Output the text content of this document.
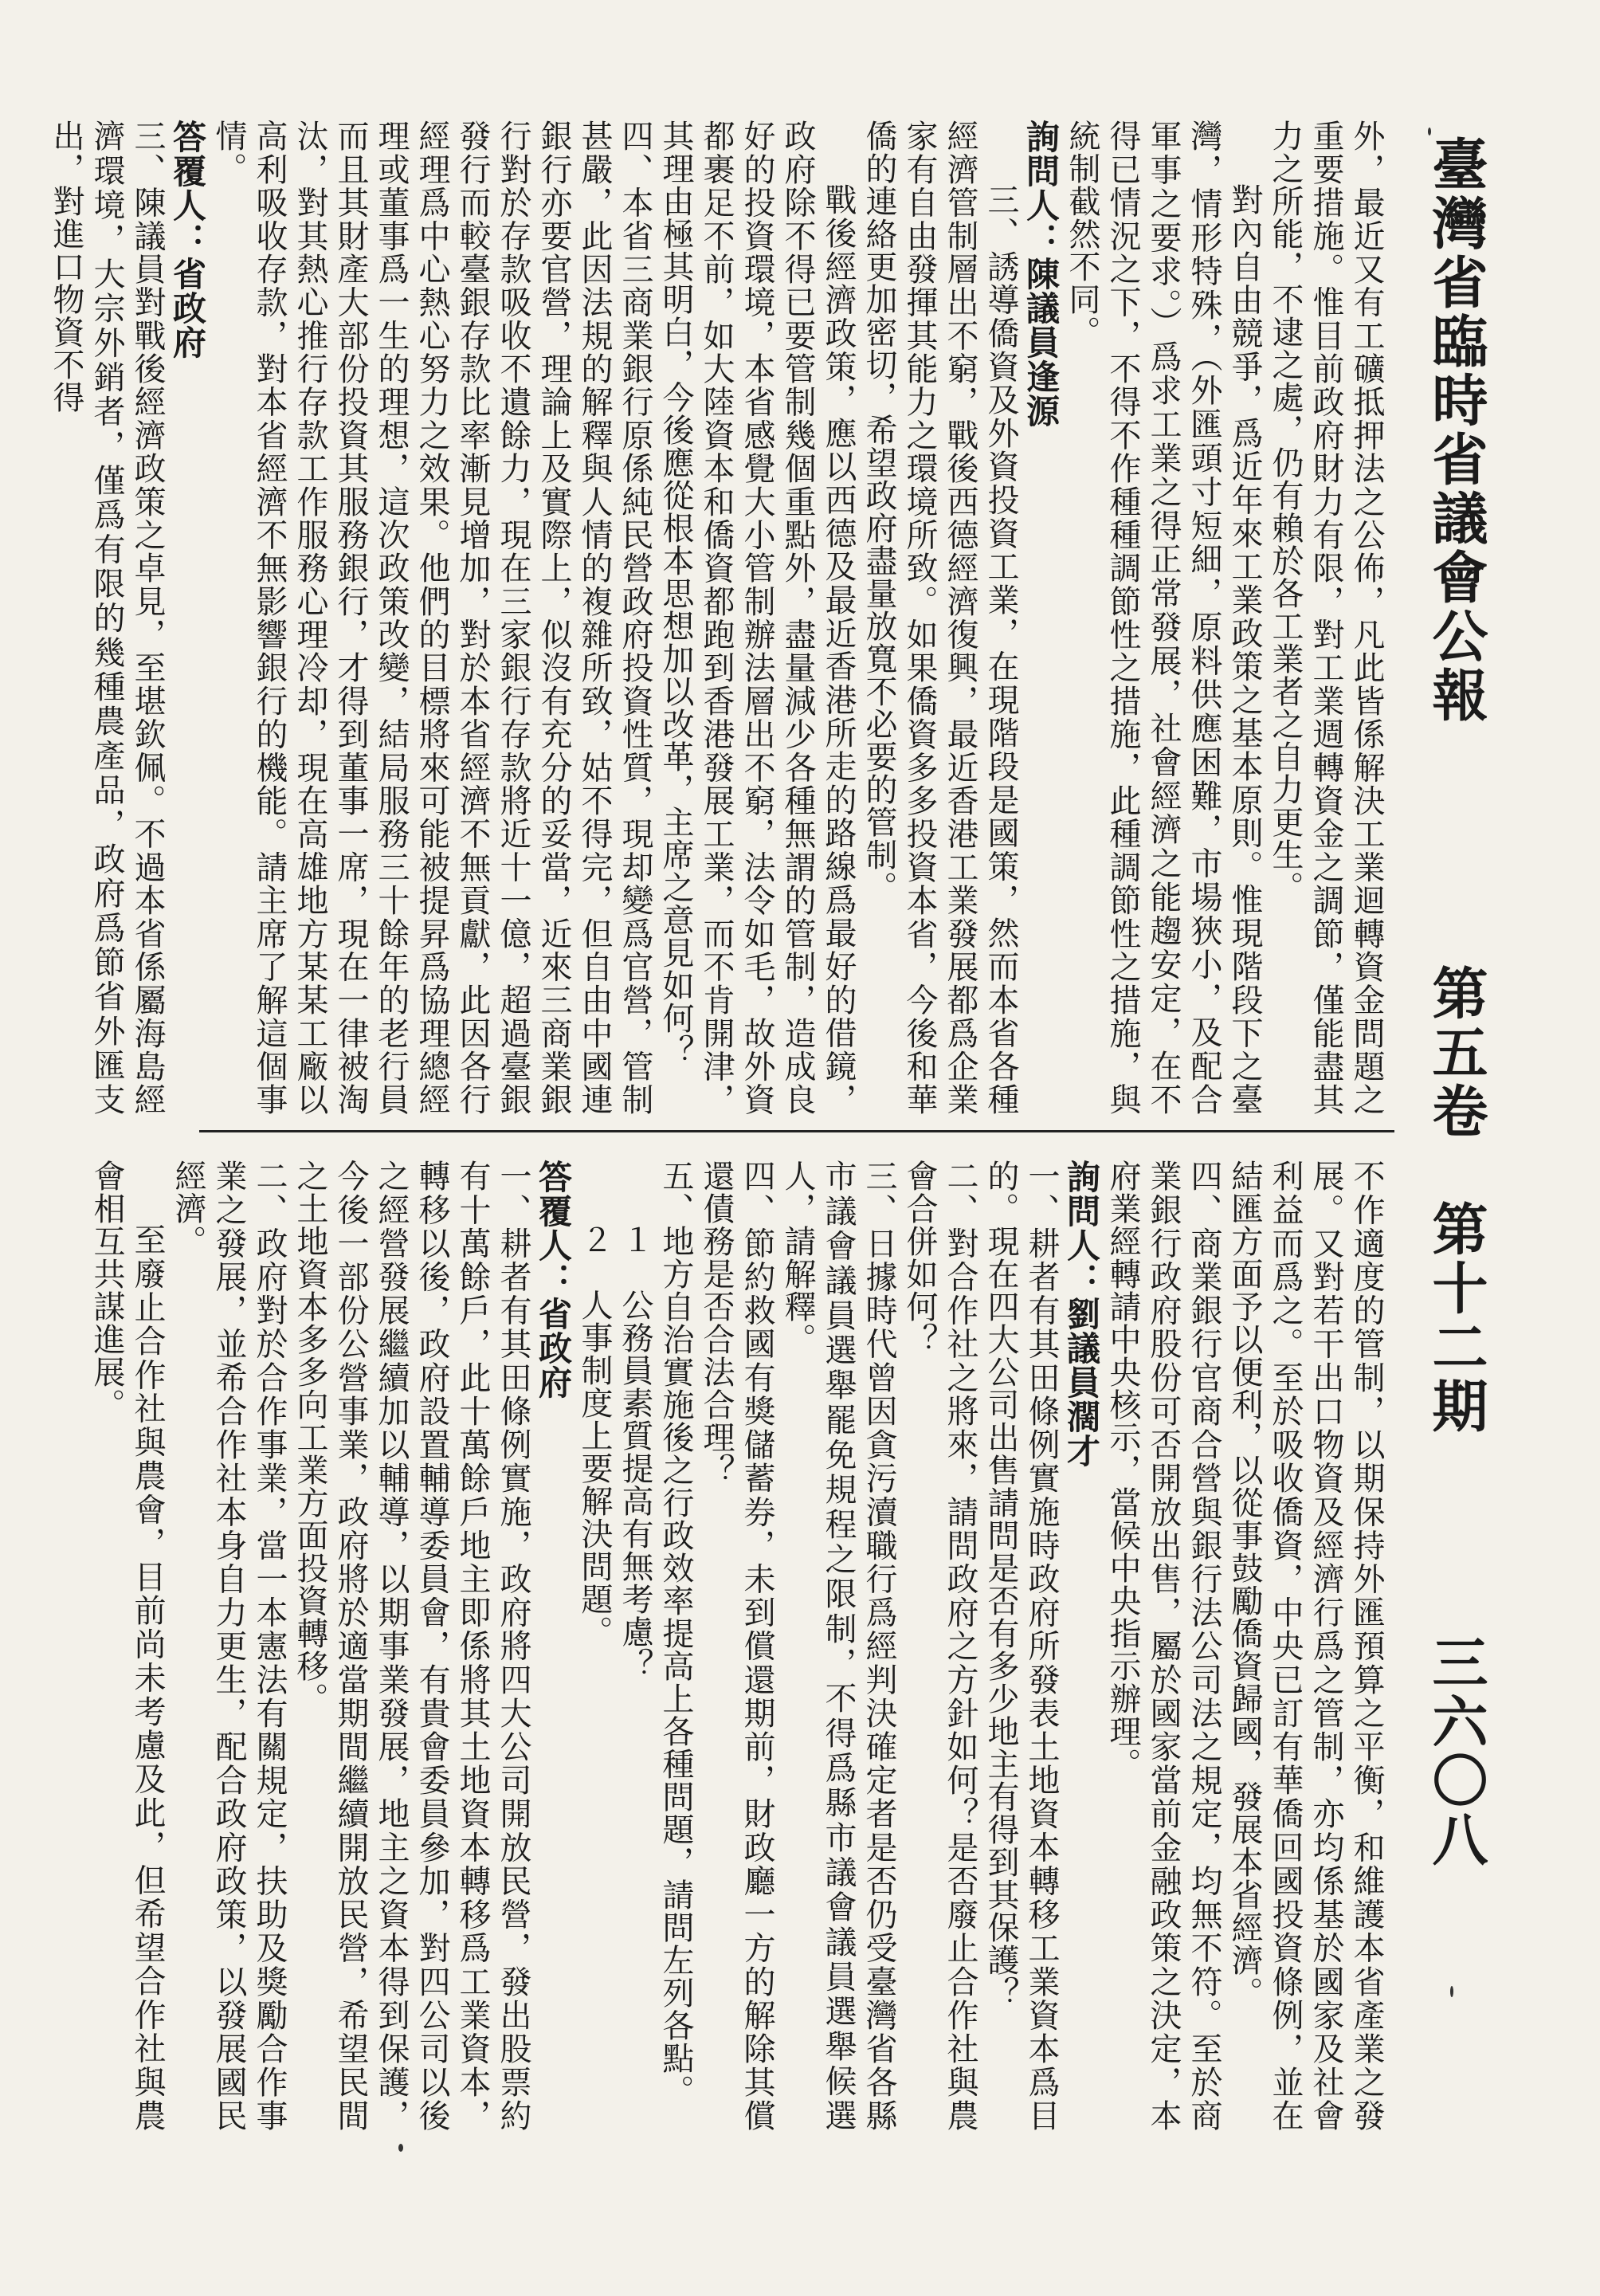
臺灣省臨時省議會公報
第五卷　第十二期
三六〇八

外，最近又有工礦抵押法之公佈，凡此皆係解決工業迴轉資金問題之重要措施。惟目前政府財力有限，對工業週轉資金之調節，僅能盡其力之所能，不逮之處，仍有賴於各工業者之自力更生。

對內自由競爭，爲近年來工業政策之基本原則。惟現階段下之臺灣，情形特殊，（外匯頭寸短細，原料供應困難，市場狹小，及配合軍事之要求。）爲求工業之得正常發展，社會經濟之能趨安定，在不得已情況之下，不得不作種種調節性之措施，此種調節性之措施，與統制截然不同。

詢問人：陳議員逢源

三、誘導僑資及外資投資工業，在現階段是國策，然而本省各種經濟管制層出不窮，戰後西德經濟復興，最近香港工業發展都爲企業家有自由發揮其能力之環境所致。如果僑資多多投資本省，今後和華僑的連絡更加密切，希望政府盡量放寬不必要的管制。

戰後經濟政策，應以西德及最近香港所走的路線爲最好的借鏡，政府除不得已要管制幾個重點外，盡量減少各種無謂的管制，造成良好的投資環境，本省感覺大小管制辦法層出不窮，法令如毛，故外資都裹足不前，如大陸資本和僑資都跑到香港發展工業，而不肯開津，其理由極其明白，今後應從根本思想加以改革，主席之意見如何？

四、本省三商業銀行原係純民營政府投資性質，現却變爲官營，管制甚嚴，此因法規的解釋與人情的複雜所致，姑不得完，但自由中國連銀行亦要官營，理論上及實際上，似沒有充分的妥當，近來三商業銀行對於存款吸收不遺餘力，現在三家銀行存款將近十一億，超過臺銀發行而較臺銀存款比率漸見增加，對於本省經濟不無貢獻，此因各行經理爲中心熱心努力之效果。他們的目標將來可能被提昇爲協理總經理或董事爲一生的理想，這次政策改變，結局服務三十餘年的老行員而且其財產大部份投資其服務銀行，才得到董事一席，現在一律被淘汰，對其熱心推行存款工作服務心理冷却，現在高雄地方某某工廠以高利吸收存款，對本省經濟不無影響銀行的機能。請主席了解這個事情。

答覆人：省政府

三、陳議員對戰後經濟政策之卓見，至堪欽佩。不過本省係屬海島經濟環境，大宗外銷者，僅爲有限的幾種農產品，政府爲節省外匯支出，對進口物資不得

不作適度的管制，以期保持外匯預算之平衡，和維護本省產業之發展。又對若干出口物資及經濟行爲之管制，亦均係基於國家及社會利益而爲之。至於吸收僑資，中央已訂有華僑回國投資條例，並在結匯方面予以便利，以從事鼓勵僑資歸國，發展本省經濟。

四、商業銀行官商合營與銀行法公司法之規定，均無不符。至於商業銀行政府股份可否開放出售，屬於國家當前金融政策之決定，本府業經轉請中央核示，當候中央指示辦理。

詢問人：劉議員濶才

一、耕者有其田條例實施時政府所發表土地資本轉移工業資本爲目的。現在四大公司出售請問是否有多少地主有得到其保護？

二、對合作社之將來，請問政府之方針如何？是否廢止合作社與農會合併如何？

三、日據時代曾因貪污瀆職行爲經判決確定者是否仍受臺灣省各縣市議會議員選舉罷免規程之限制，不得爲縣市議會議員選舉候選人，請解釋。

四、節約救國有獎儲蓄券，未到償還期前，財政廳一方的解除其償還債務是否合法合理？

五、地方自治實施後之行政效率提高上各種問題，請問左列各點。

１　公務員素質提高有無考慮？

２　人事制度上要解決問題。

答覆人：省政府

一、耕者有其田條例實施，政府將四大公司開放民營，發出股票約有十萬餘戶，此十萬餘戶地主即係將其土地資本轉移爲工業資本，轉移以後，政府設置輔導委員會，有貴會委員參加，對四公司以後之經營發展繼續加以輔導，以期事業發展，地主之資本得到保護，今後一部份公營事業，政府將於適當期間繼續開放民營，希望民間之土地資本多多向工業方面投資轉移。

二、政府對於合作事業，當一本憲法有關規定，扶助及獎勵合作事業之發展，並希合作社本身自力更生，配合政府政策，以發展國民經濟。

至廢止合作社與農會，目前尚未考慮及此，但希望合作社與農會相互共謀進展。
